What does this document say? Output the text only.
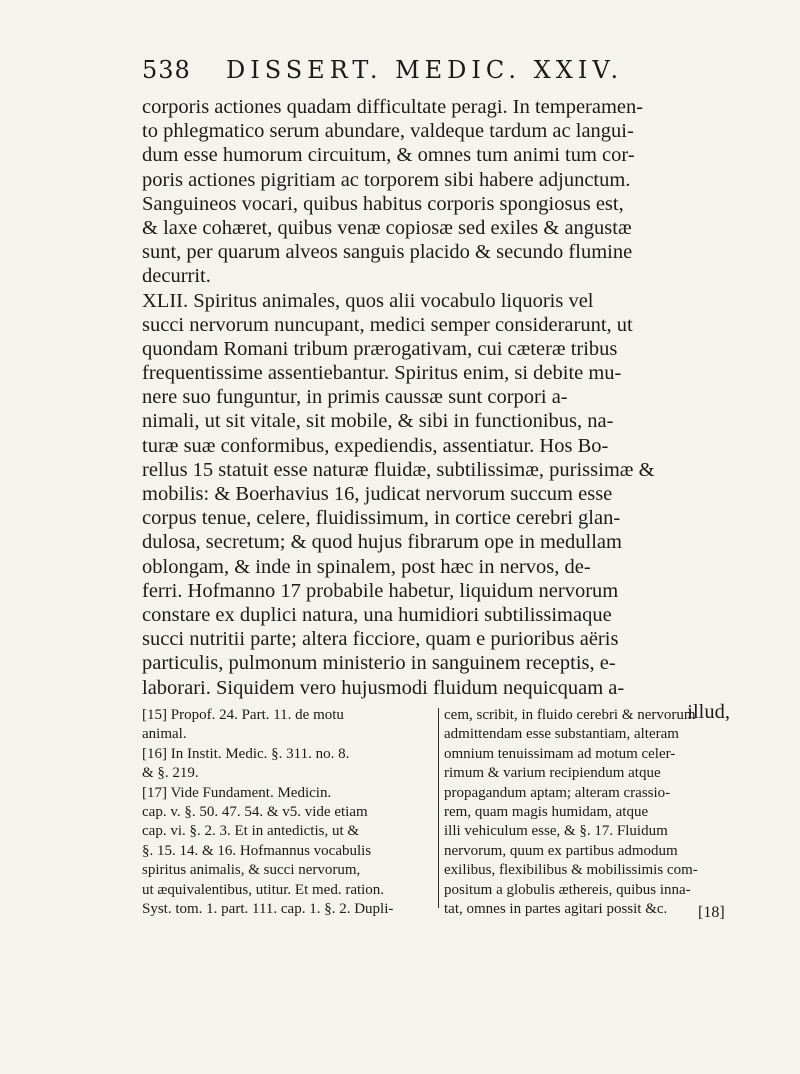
538 DISSERT. MEDIC. XXIV.
corporis actiones quadam difficultate peragi. In temperamen-
to phlegmatico serum abundare, valdeque tardum ac langui-
dum esse humorum circuitum, & omnes tum animi tum cor-
poris actiones pigritiam ac torporem sibi habere adjunctum.
Sanguineos vocari, quibus habitus corporis spongiosus est,
& laxe cohæret, quibus venæ copiosæ sed exiles & angustæ
sunt, per quarum alveos sanguis placido & secundo flumine
decurrit.
XLII. Spiritus animales, quos alii vocabulo liquoris vel
succi nervorum nuncupant, medici semper considerarunt, ut
quondam Romani tribum prærogativam, cui cæteræ tribus
frequentissime assentiebantur. Spiritus enim, si debite mu-
nere suo funguntur, in primis caussæ sunt corpori a-
nimali, ut sit vitale, sit mobile, & sibi in functionibus, na-
turæ suæ conformibus, expediendis, assentiatur. Hos Bo-
rellus 15 statuit esse naturæ fluidæ, subtilissimæ, purissimæ &
mobilis: & Boerhavius 16, judicat nervorum succum esse
corpus tenue, celere, fluidissimum, in cortice cerebri glan-
dulosa, secretum; & quod hujus fibrarum ope in medullam
oblongam, & inde in spinalem, post hæc in nervos, de-
ferri. Hofmanno 17 probabile habetur, liquidum nervorum
constare ex duplici natura, una humidiori subtilissimaque
succi nutritii parte; altera ficciore, quam e purioribus aëris
particulis, pulmonum ministerio in sanguinem receptis, e-
laborari. Siquidem vero hujusmodi fluidum nequicquam a-
illud,
[15] Propof. 24. Part. 11. de motu
animal.
[16] In Instit. Medic. §. 311. no. 8.
& §. 219.
[17] Vide Fundament. Medicin.
cap. v. §. 50. 47. 54. & v5. vide etiam
cap. vi. §. 2. 3. Et in antedictis, ut &
§. 15. 14. & 16. Hofmannus vocabulis
spiritus animalis, & succi nervorum,
ut æquivalentibus, utitur. Et med. ration.
Syst. tom. 1. part. 111. cap. 1. §. 2. Dupli-
cem, scribit, in fluido cerebri & nervorum
admittendam esse substantiam, alteram
omnium tenuissimam ad motum celer-
rimum & varium recipiendum atque
propagandum aptam; alteram crassio-
rem, quam magis humidam, atque
illi vehiculum esse, & §. 17. Fluidum
nervorum, quum ex partibus admodum
exilibus, flexibilibus & mobilissimis com-
positum a globulis æthereis, quibus inna-
tat, omnes in partes agitari possit &c.	[18]
